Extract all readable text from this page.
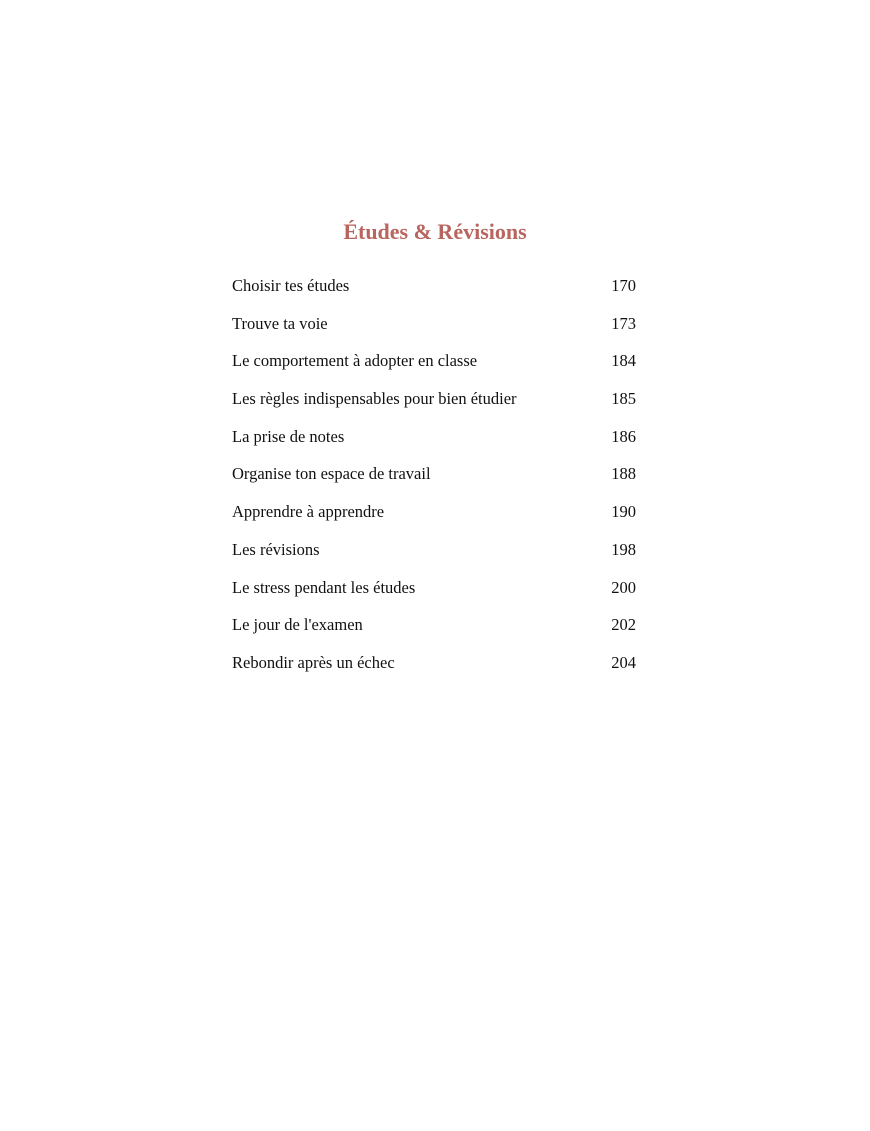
Études & Révisions
Choisir tes études	170
Trouve ta voie	173
Le comportement à adopter en classe	184
Les règles indispensables pour bien étudier	185
La prise de notes	186
Organise ton espace de travail	188
Apprendre à apprendre	190
Les révisions	198
Le stress pendant les études	200
Le jour de l'examen	202
Rebondir après un échec	204
